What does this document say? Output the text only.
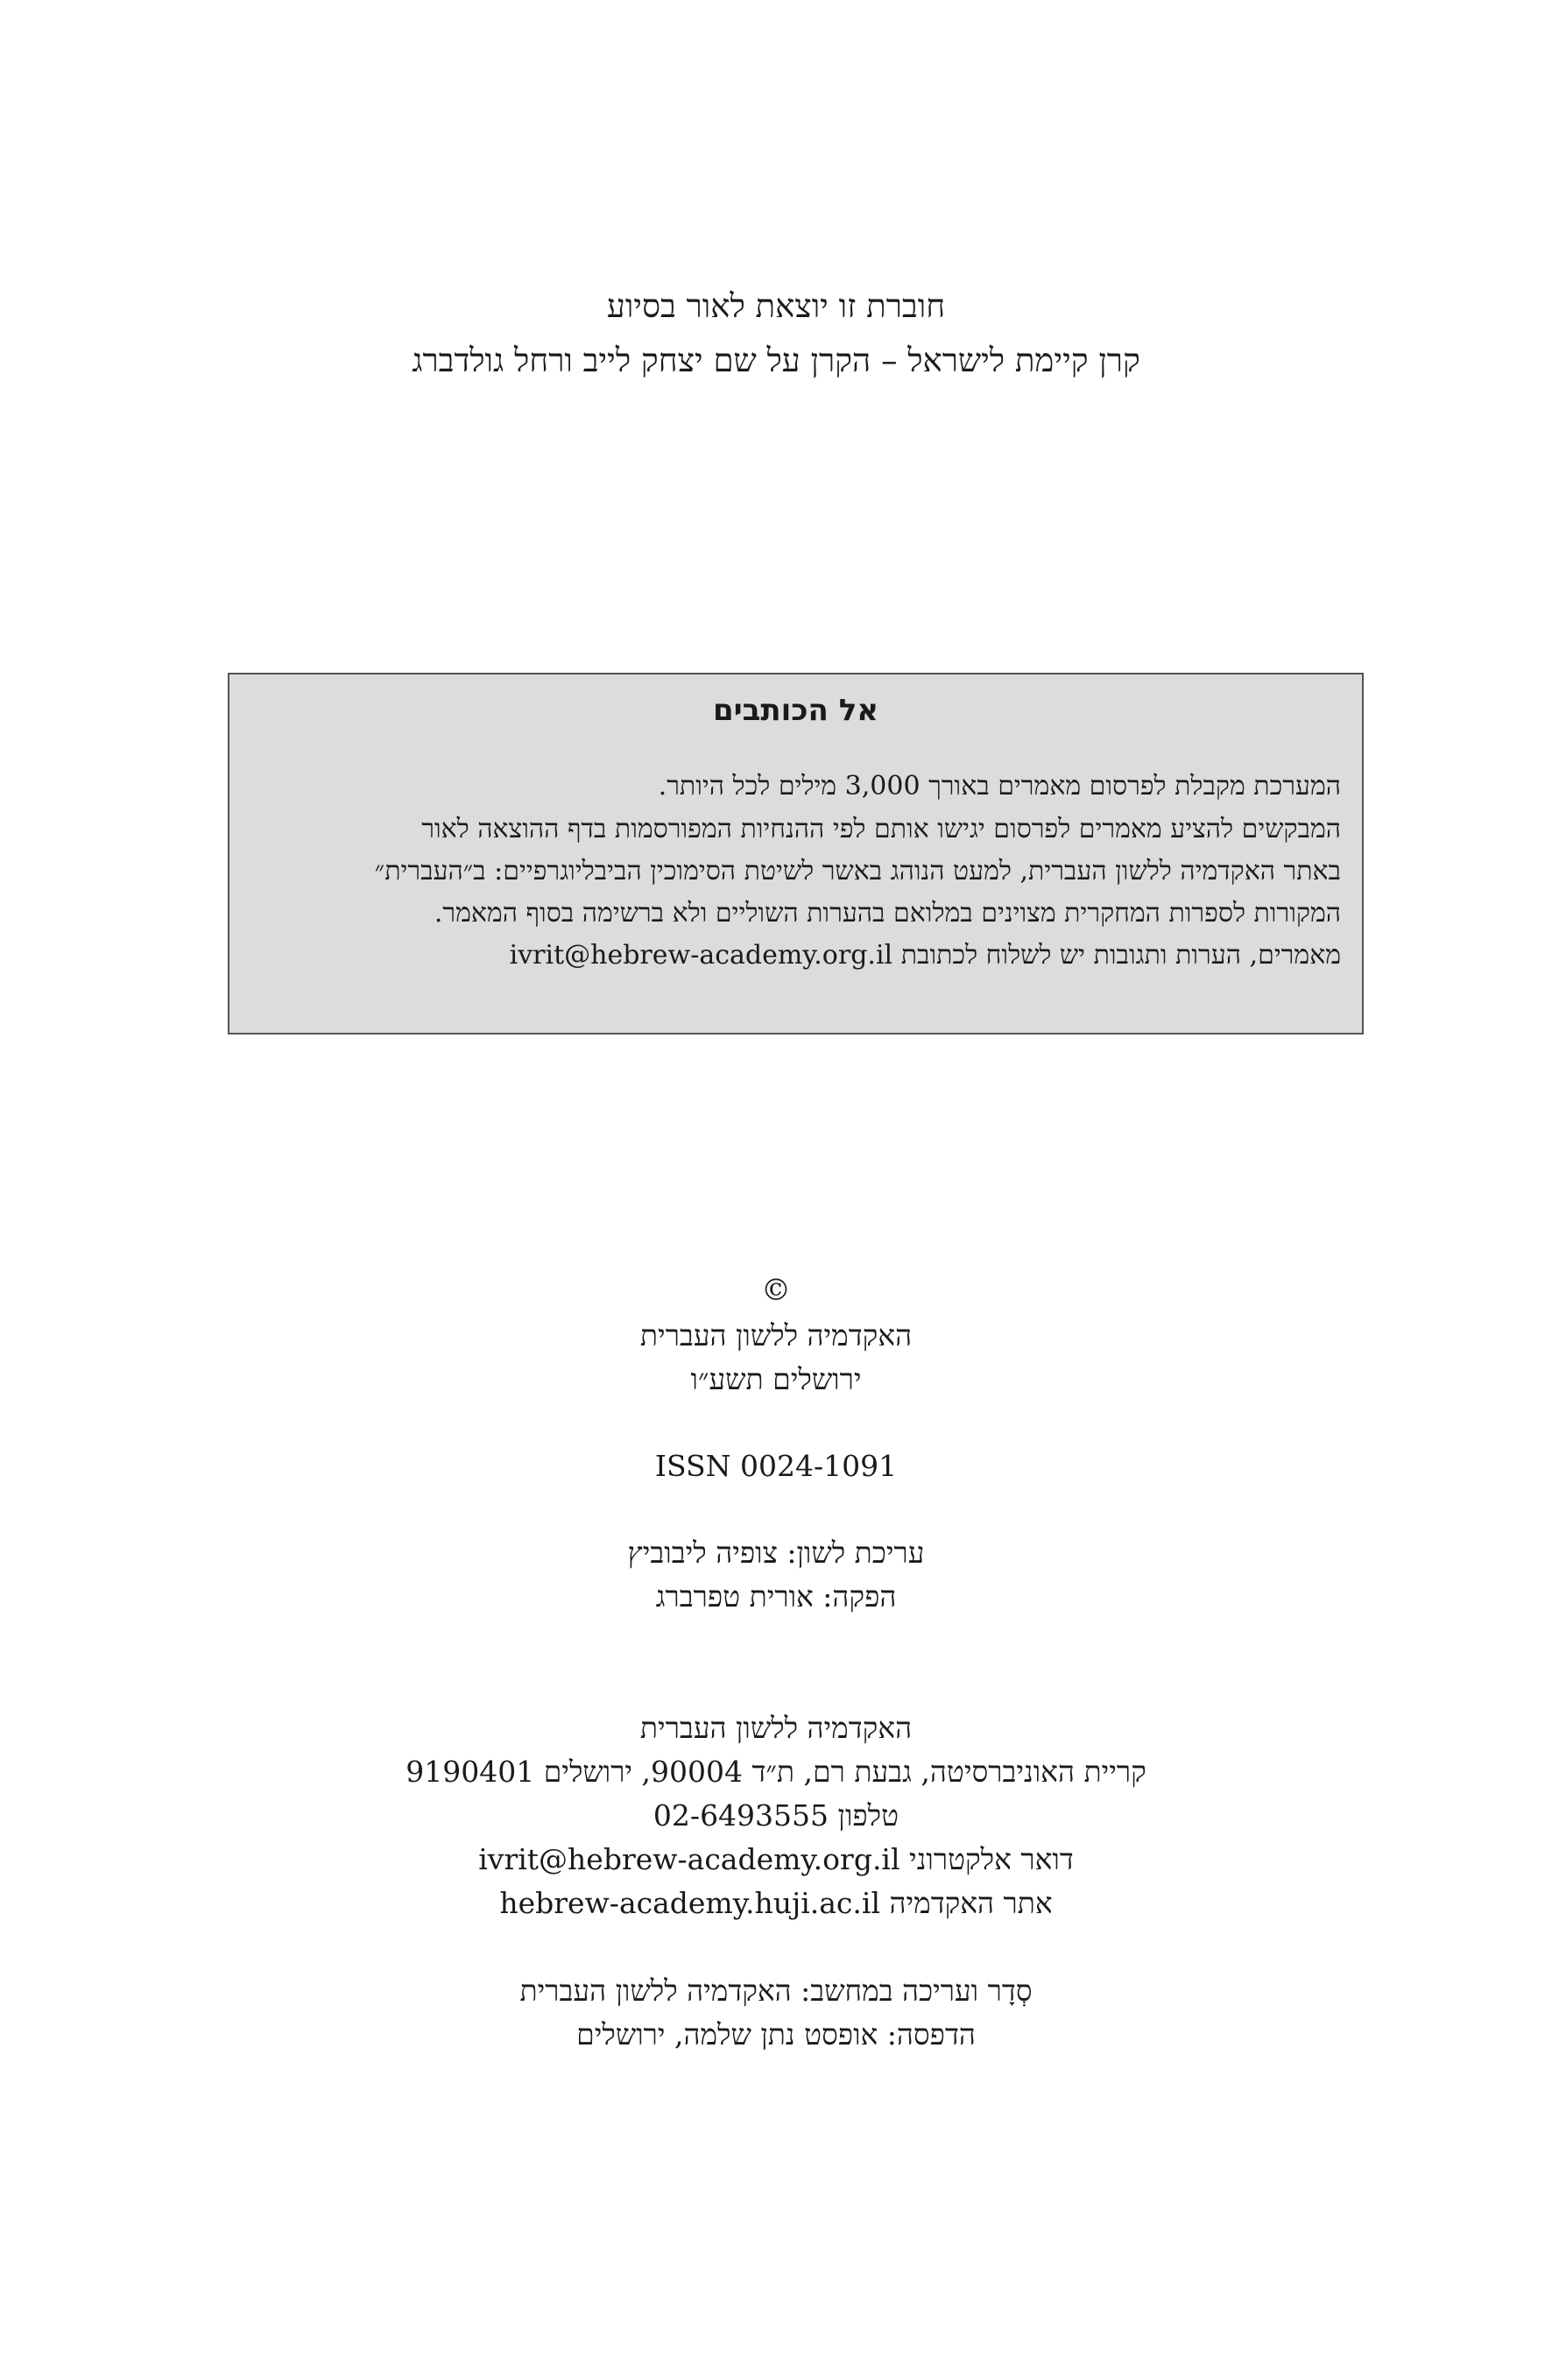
חוברת זו יוצאת לאור בסיוע
קרן קיימת לישראל – הקרן על שם יצחק לייב ורחל גולדברג
אל הכותבים
המערכת מקבלת לפרסום מאמרים באורך 3,000 מילים לכל היותר.
המבקשים להציע מאמרים לפרסום יגישו אותם לפי ההנחיות המפורסמות בדף ההוצאה לאור
באתר האקדמיה ללשון העברית, למעט הנוהג באשר לשיטת הסימוכין הביבליוגרפיים: ב״העברית״
המקורות לספרות המחקרית מצוינים במלואם בהערות השוליים ולא ברשימה בסוף המאמר.
מאמרים, הערות ותגובות יש לשלוח לכתובת ivrit@hebrew-academy.org.il
©
האקדמיה ללשון העברית
ירושלים תשע״ו
ISSN 0024-1091
עריכת לשון: צופיה ליבוביץ
הפקה: אורית טפרברג
האקדמיה ללשון העברית
קריית האוניברסיטה, גבעת רם, ת״ד 90004, ירושלים 9190401
טלפון 02-6493555
דואר אלקטרוני ivrit@hebrew-academy.org.il
אתר האקדמיה hebrew-academy.huji.ac.il
סְדָר ועריכה במחשב: האקדמיה ללשון העברית
הדפסה: אופסט נתן שלמה, ירושלים
